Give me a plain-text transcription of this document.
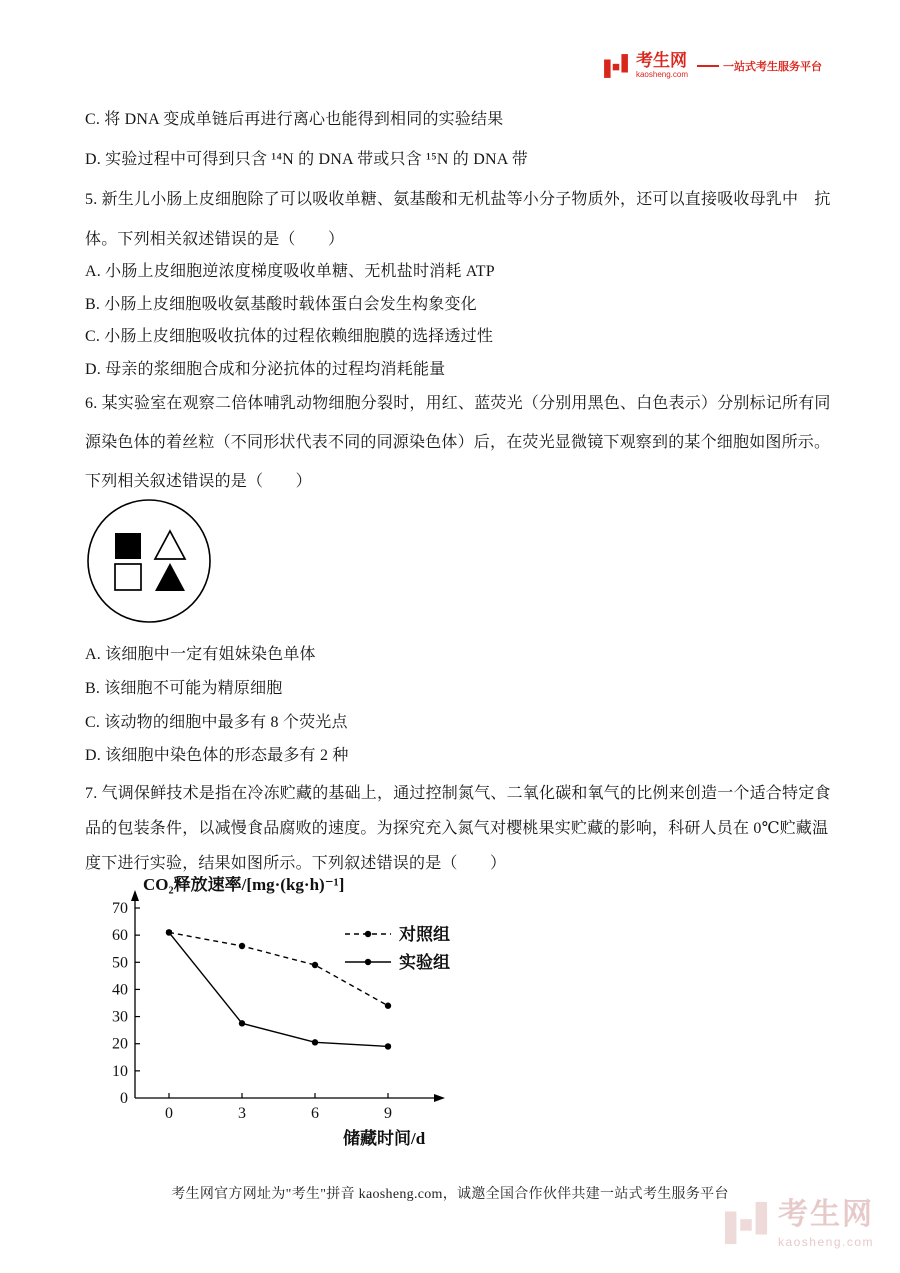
考生网
kaosheng.com
一站式考生服务平台
C. 将 DNA 变成单链后再进行离心也能得到相同的实验结果
D. 实验过程中可得到只含 ¹⁴N 的 DNA 带或只含 ¹⁵N 的 DNA 带
5. 新生儿小肠上皮细胞除了可以吸收单糖、氨基酸和无机盐等小分子物质外，还可以直接吸收母乳中　抗
体。下列相关叙述错误的是（　　）
A. 小肠上皮细胞逆浓度梯度吸收单糖、无机盐时消耗 ATP
B. 小肠上皮细胞吸收氨基酸时载体蛋白会发生构象变化
C. 小肠上皮细胞吸收抗体的过程依赖细胞膜的选择透过性
D. 母亲的浆细胞合成和分泌抗体的过程均消耗能量
6. 某实验室在观察二倍体哺乳动物细胞分裂时，用红、蓝荧光（分别用黑色、白色表示）分别标记所有同
源染色体的着丝粒（不同形状代表不同的同源染色体）后，在荧光显微镜下观察到的某个细胞如图所示。
下列相关叙述错误的是（　　）
A. 该细胞中一定有姐妹染色单体
B. 该细胞不可能为精原细胞
C. 该动物的细胞中最多有 8 个荧光点
D. 该细胞中染色体的形态最多有 2 种
7. 气调保鲜技术是指在冷冻贮藏的基础上，通过控制氮气、二氧化碳和氧气的比例来创造一个适合特定食
品的包装条件，以减慢食品腐败的速度。为探究充入氮气对樱桃果实贮藏的影响，科研人员在 0℃贮藏温
度下进行实验，结果如图所示。下列叙述错误的是（　　）
0
10
20
30
40
50
60
70
0	3	6	9
对照组
实验组
CO₂释放速率/[mg·(kg·h)⁻¹]
储藏时间/d
考生网官方网址为"考生"拼音 kaosheng.com，诚邀全国合作伙伴共建一站式考生服务平台
考生网
kaosheng.com
